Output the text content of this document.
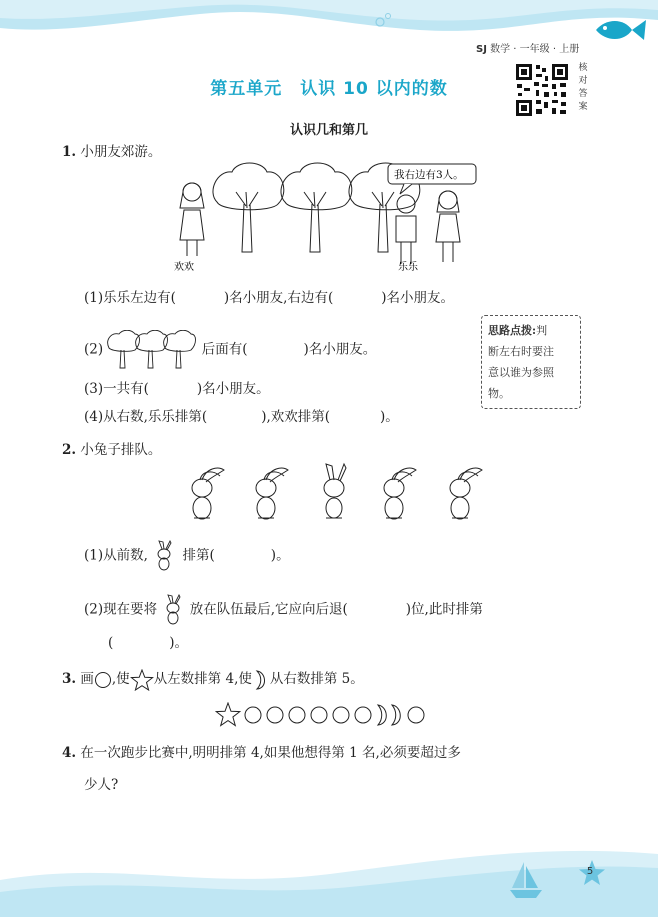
SJ 数学 · 一年级 · 上册
第五单元　认识 10 以内的数
核
对
答
案
认识几和第几
1. 小朋友郊游。
欢欢
我右边有3人。
乐乐
(1)乐乐左边有(	)名小朋友,右边有(	)名小朋友。
(2)	后面有(	)名小朋友。
(3)一共有(	)名小朋友。
(4)从右数,乐乐排第(	),欢欢排第(	)。
思路点拨:判
断左右时要注
意以谁为参照
物。
2. 小兔子排队。
(1)从前数,	排第(	)。
(2)现在要将 放在队伍最后,它应向后退(	)位,此时排第
(	)。
3. 画 ,使 从左数排第 4,使 从右数排第 5。
4. 在一次跑步比赛中,明明排第 4,如果他想得第 1 名,必须要超过多
少人?
5
